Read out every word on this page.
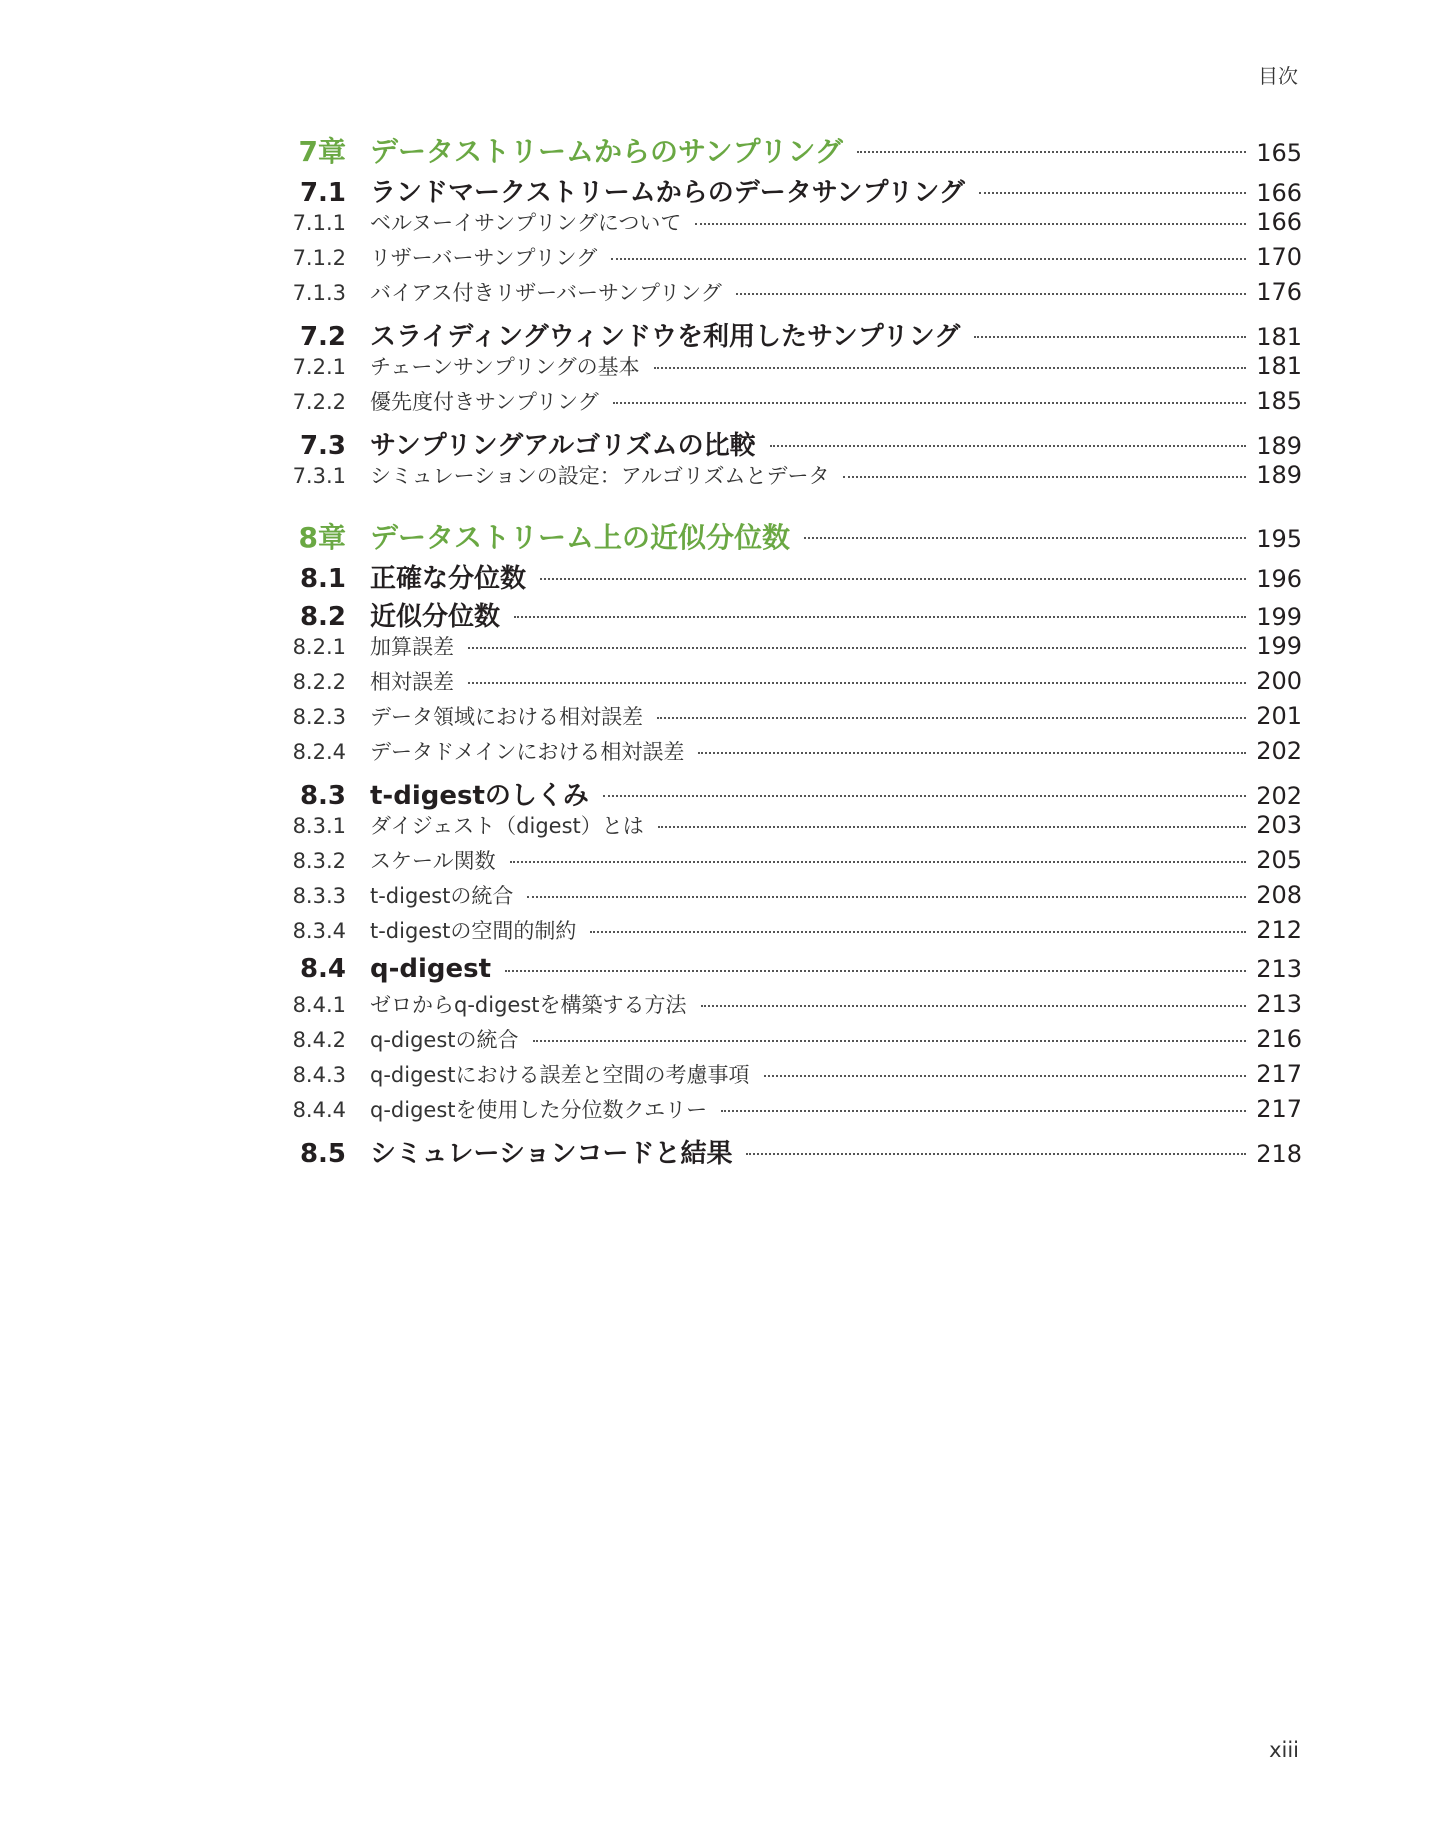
目次
7章 データストリームからのサンプリング	165
7.1 ランドマークストリームからのデータサンプリング	166
7.1.1 ベルヌーイサンプリングについて	166
7.1.2 リザーバーサンプリング	170
7.1.3 バイアス付きリザーバーサンプリング	176
7.2 スライディングウィンドウを利用したサンプリング	181
7.2.1 チェーンサンプリングの基本	181
7.2.2 優先度付きサンプリング	185
7.3 サンプリングアルゴリズムの比較	189
7.3.1 シミュレーションの設定：アルゴリズムとデータ	189
8章 データストリーム上の近似分位数	195
8.1 正確な分位数	196
8.2 近似分位数	199
8.2.1 加算誤差	199
8.2.2 相対誤差	200
8.2.3 データ領域における相対誤差	201
8.2.4 データドメインにおける相対誤差	202
8.3 t-digestのしくみ	202
8.3.1 ダイジェスト（digest）とは	203
8.3.2 スケール関数	205
8.3.3 t-digestの統合	208
8.3.4 t-digestの空間的制約	212
8.4 q-digest	213
8.4.1 ゼロからq-digestを構築する方法	213
8.4.2 q-digestの統合	216
8.4.3 q-digestにおける誤差と空間の考慮事項	217
8.4.4 q-digestを使用した分位数クエリー	217
8.5 シミュレーションコードと結果	218
xiii
